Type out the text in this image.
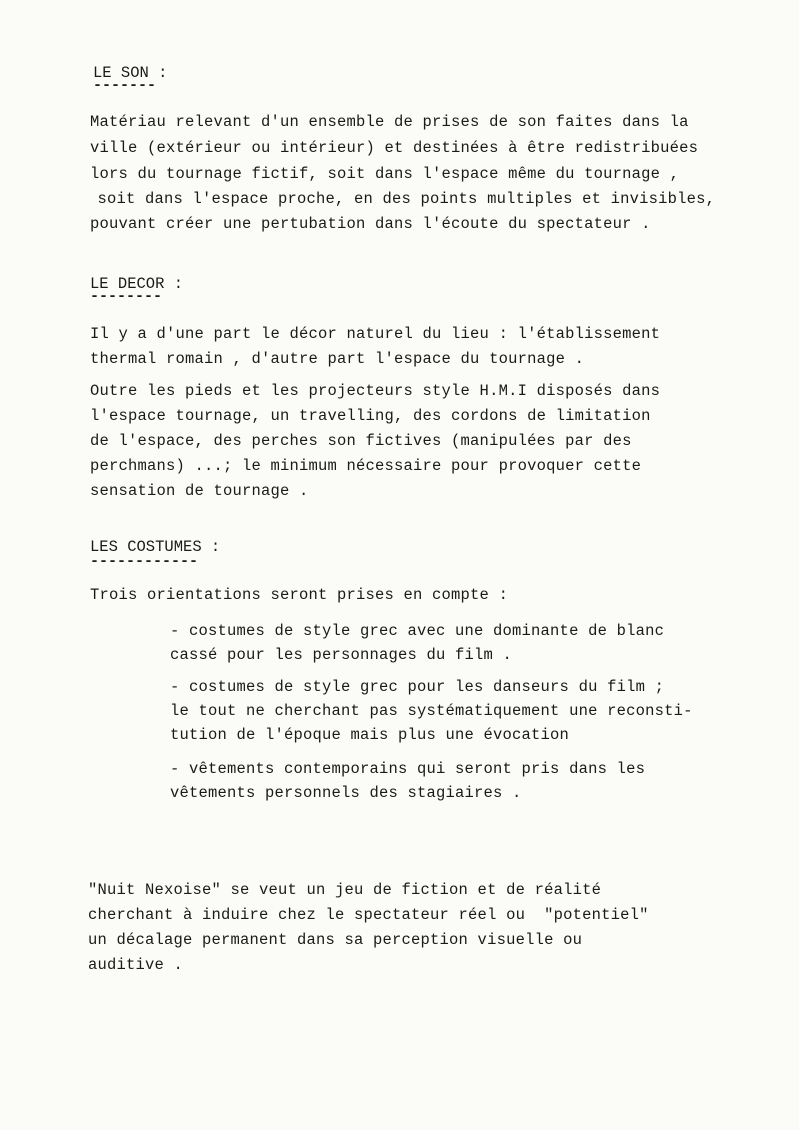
LE SON :
-------
Matériau relevant d'un ensemble de prises de son faites dans la
ville (extérieur ou intérieur) et destinées à être redistribuées
lors du tournage fictif, soit dans l'espace même du tournage ,
soit dans l'espace proche, en des points multiples et invisibles,
pouvant créer une pertubation dans l'écoute du spectateur .
LE DECOR :
--------
Il y a d'une part le décor naturel du lieu : l'établissement
thermal romain , d'autre part l'espace du tournage .
Outre les pieds et les projecteurs style H.M.I disposés dans
l'espace tournage, un travelling, des cordons de limitation
de l'espace, des perches son fictives (manipulées par des
perchmans) ...; le minimum nécessaire pour provoquer cette
sensation de tournage .
LES COSTUMES :
------------
Trois orientations seront prises en compte :
- costumes de style grec avec une dominante de blanc
cassé pour les personnages du film .
- costumes de style grec pour les danseurs du film ;
le tout ne cherchant pas systématiquement une reconsti-
tution de l'époque mais plus une évocation
- vêtements contemporains qui seront pris dans les
vêtements personnels des stagiaires .
"Nuit Nexoise" se veut un jeu de fiction et de réalité
cherchant à induire chez le spectateur réel ou  "potentiel"
un décalage permanent dans sa perception visuelle ou
auditive .
